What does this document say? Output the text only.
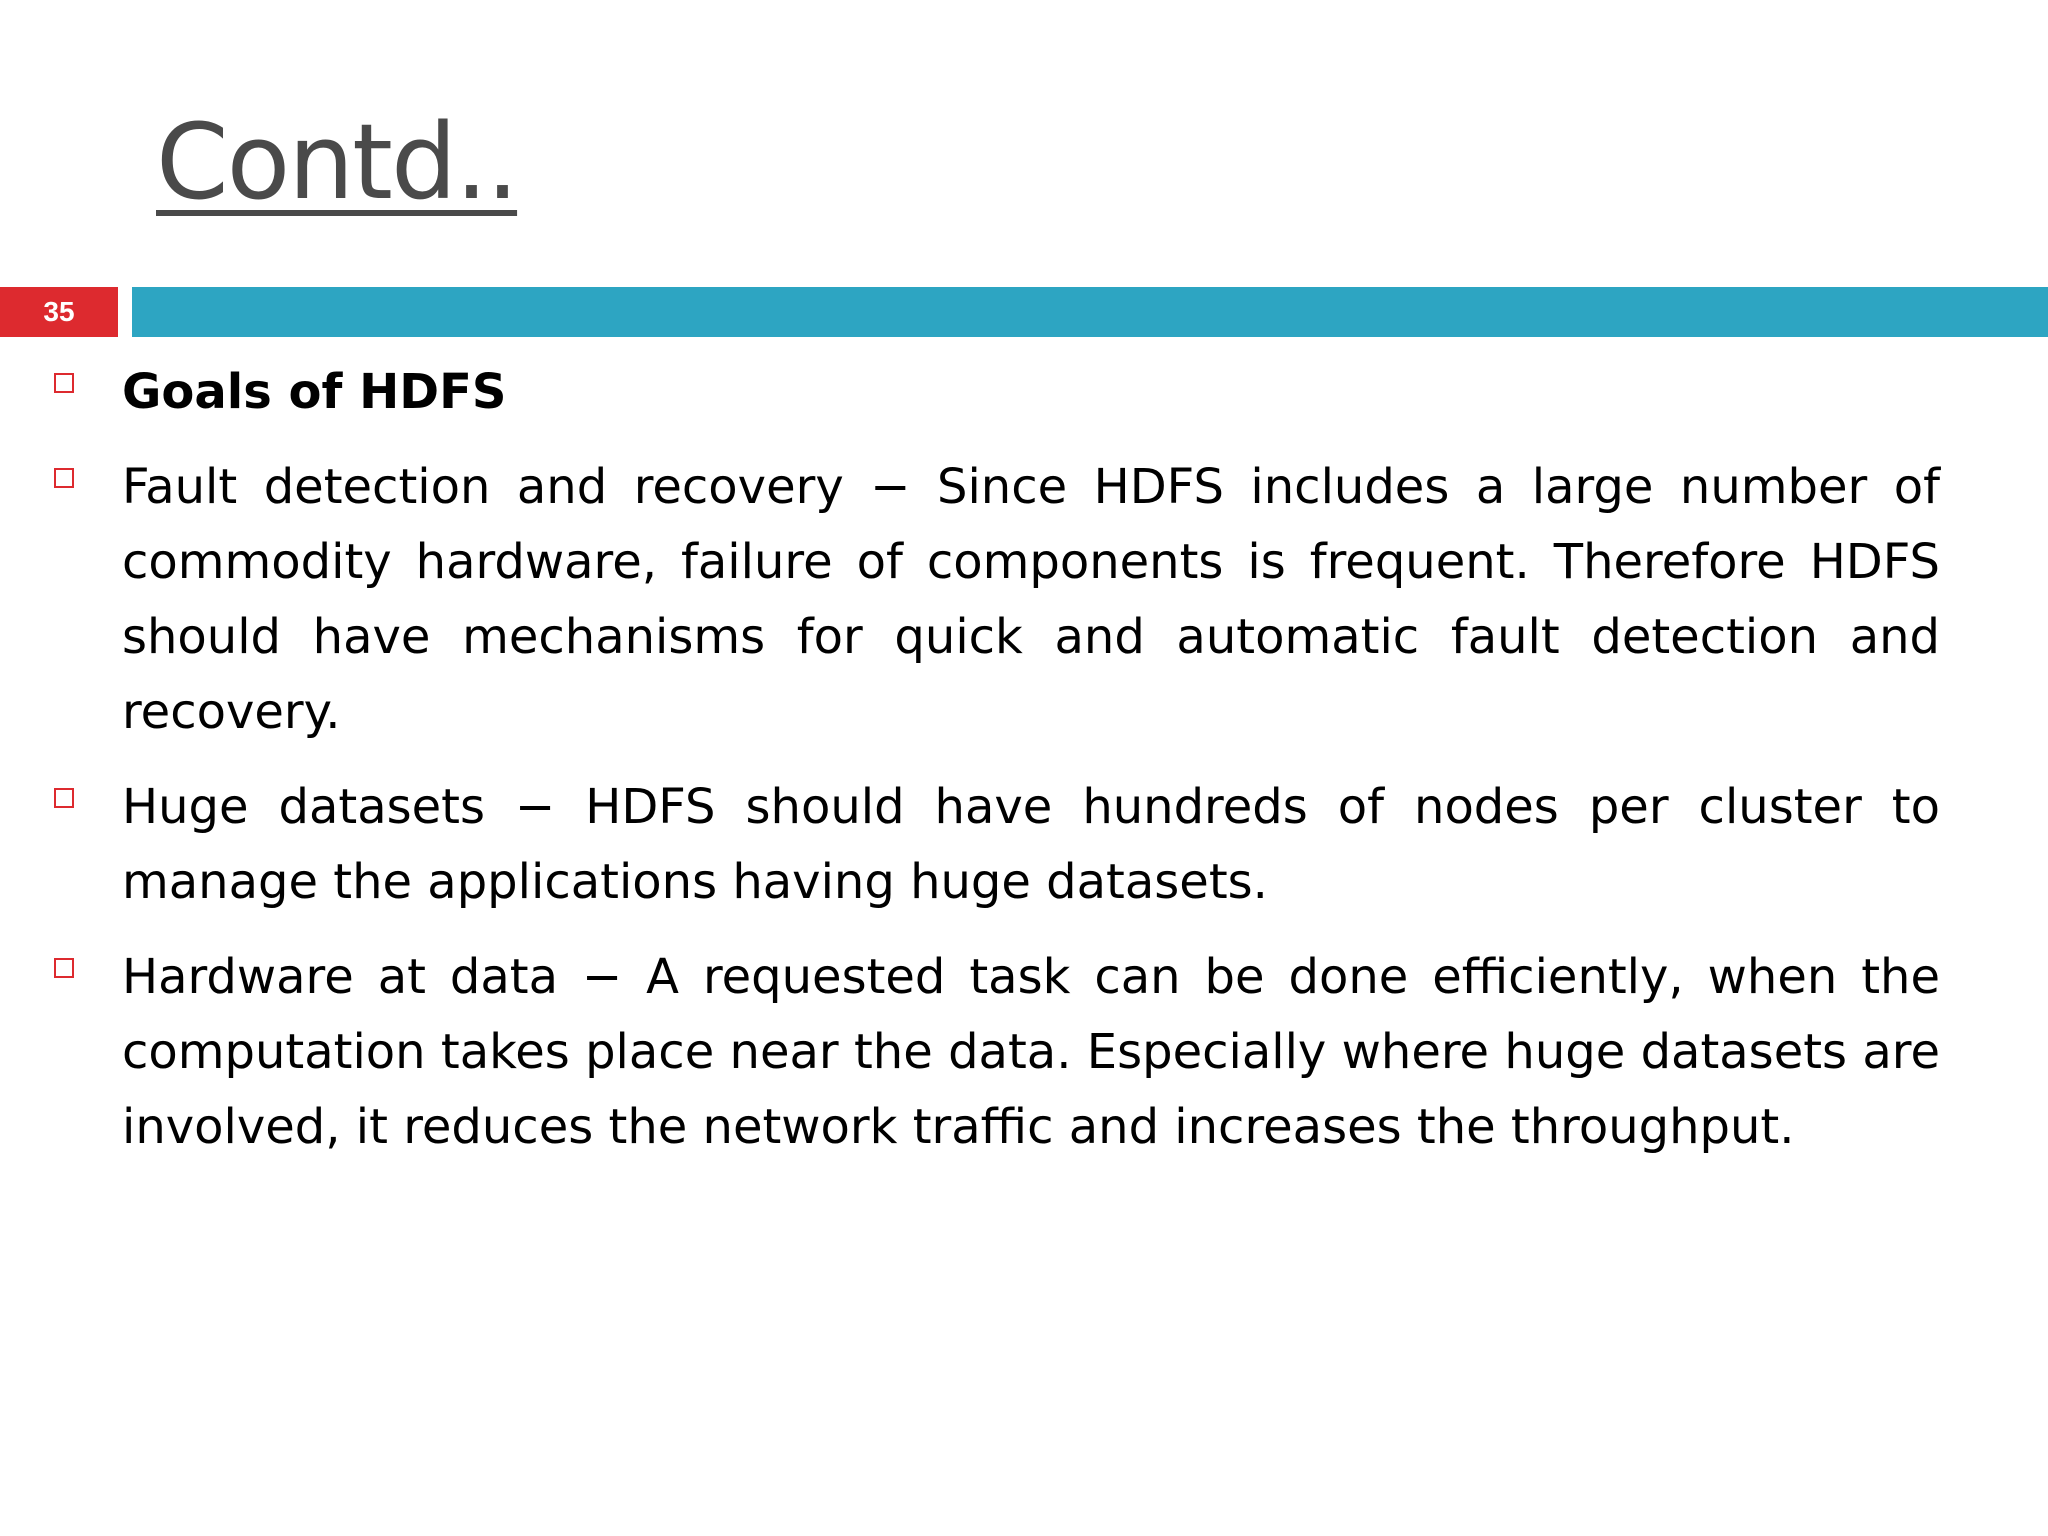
Contd..
35
Goals of HDFS
Fault detection and recovery − Since HDFS includes a large number of commodity hardware, failure of components is frequent. Therefore HDFS should have mechanisms for quick and automatic fault detection and recovery.
Huge datasets − HDFS should have hundreds of nodes per cluster to manage the applications having huge datasets.
Hardware at data − A requested task can be done efficiently, when the computation takes place near the data. Especially where huge datasets are involved, it reduces the network traffic and increases the throughput.
